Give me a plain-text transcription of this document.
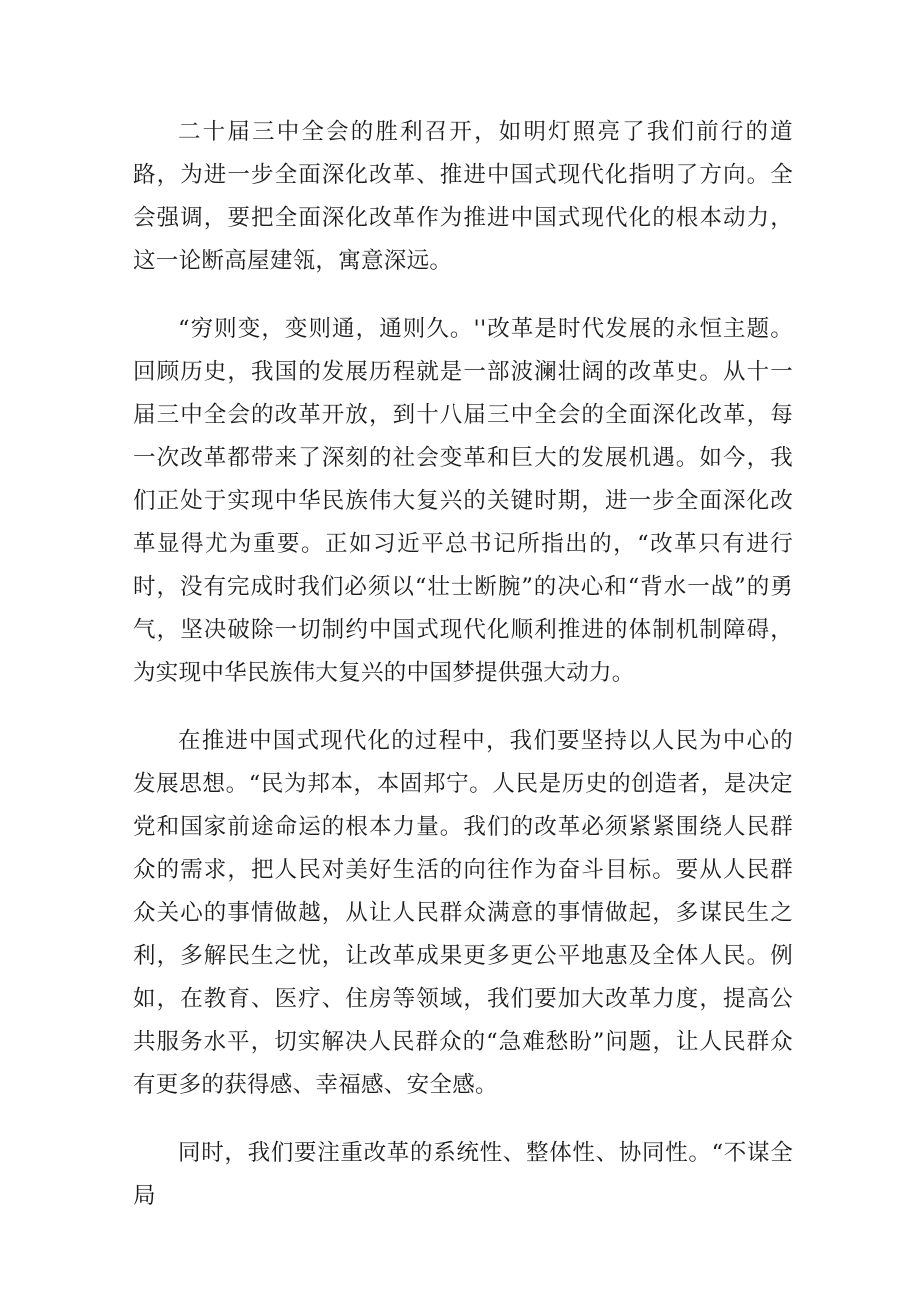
二十届三中全会的胜利召开，如明灯照亮了我们前行的道路，为进一步全面深化改革、推进中国式现代化指明了方向。全会强调，要把全面深化改革作为推进中国式现代化的根本动力，这一论断高屋建瓴，寓意深远。

“穷则变，变则通，通则久。''改革是时代发展的永恒主题。回顾历史，我国的发展历程就是一部波澜壮阔的改革史。从十一届三中全会的改革开放，到十八届三中全会的全面深化改革，每一次改革都带来了深刻的社会变革和巨大的发展机遇。如今，我们正处于实现中华民族伟大复兴的关键时期，进一步全面深化改革显得尤为重要。正如习近平总书记所指出的，“改革只有进行时，没有完成时我们必须以“壮士断腕”的决心和“背水一战”的勇气，坚决破除一切制约中国式现代化顺利推进的体制机制障碍，为实现中华民族伟大复兴的中国梦提供强大动力。

在推进中国式现代化的过程中，我们要坚持以人民为中心的发展思想。“民为邦本，本固邦宁。人民是历史的创造者，是决定党和国家前途命运的根本力量。我们的改革必须紧紧围绕人民群众的需求，把人民对美好生活的向往作为奋斗目标。要从人民群众关心的事情做越，从让人民群众满意的事情做起，多谋民生之利，多解民生之忧，让改革成果更多更公平地惠及全体人民。例如，在教育、医疗、住房等领域，我们要加大改革力度，提高公共服务水平，切实解决人民群众的“急难愁盼”问题，让人民群众有更多的获得感、幸福感、安全感。

同时，我们要注重改革的系统性、整体性、协同性。“不谋全局
